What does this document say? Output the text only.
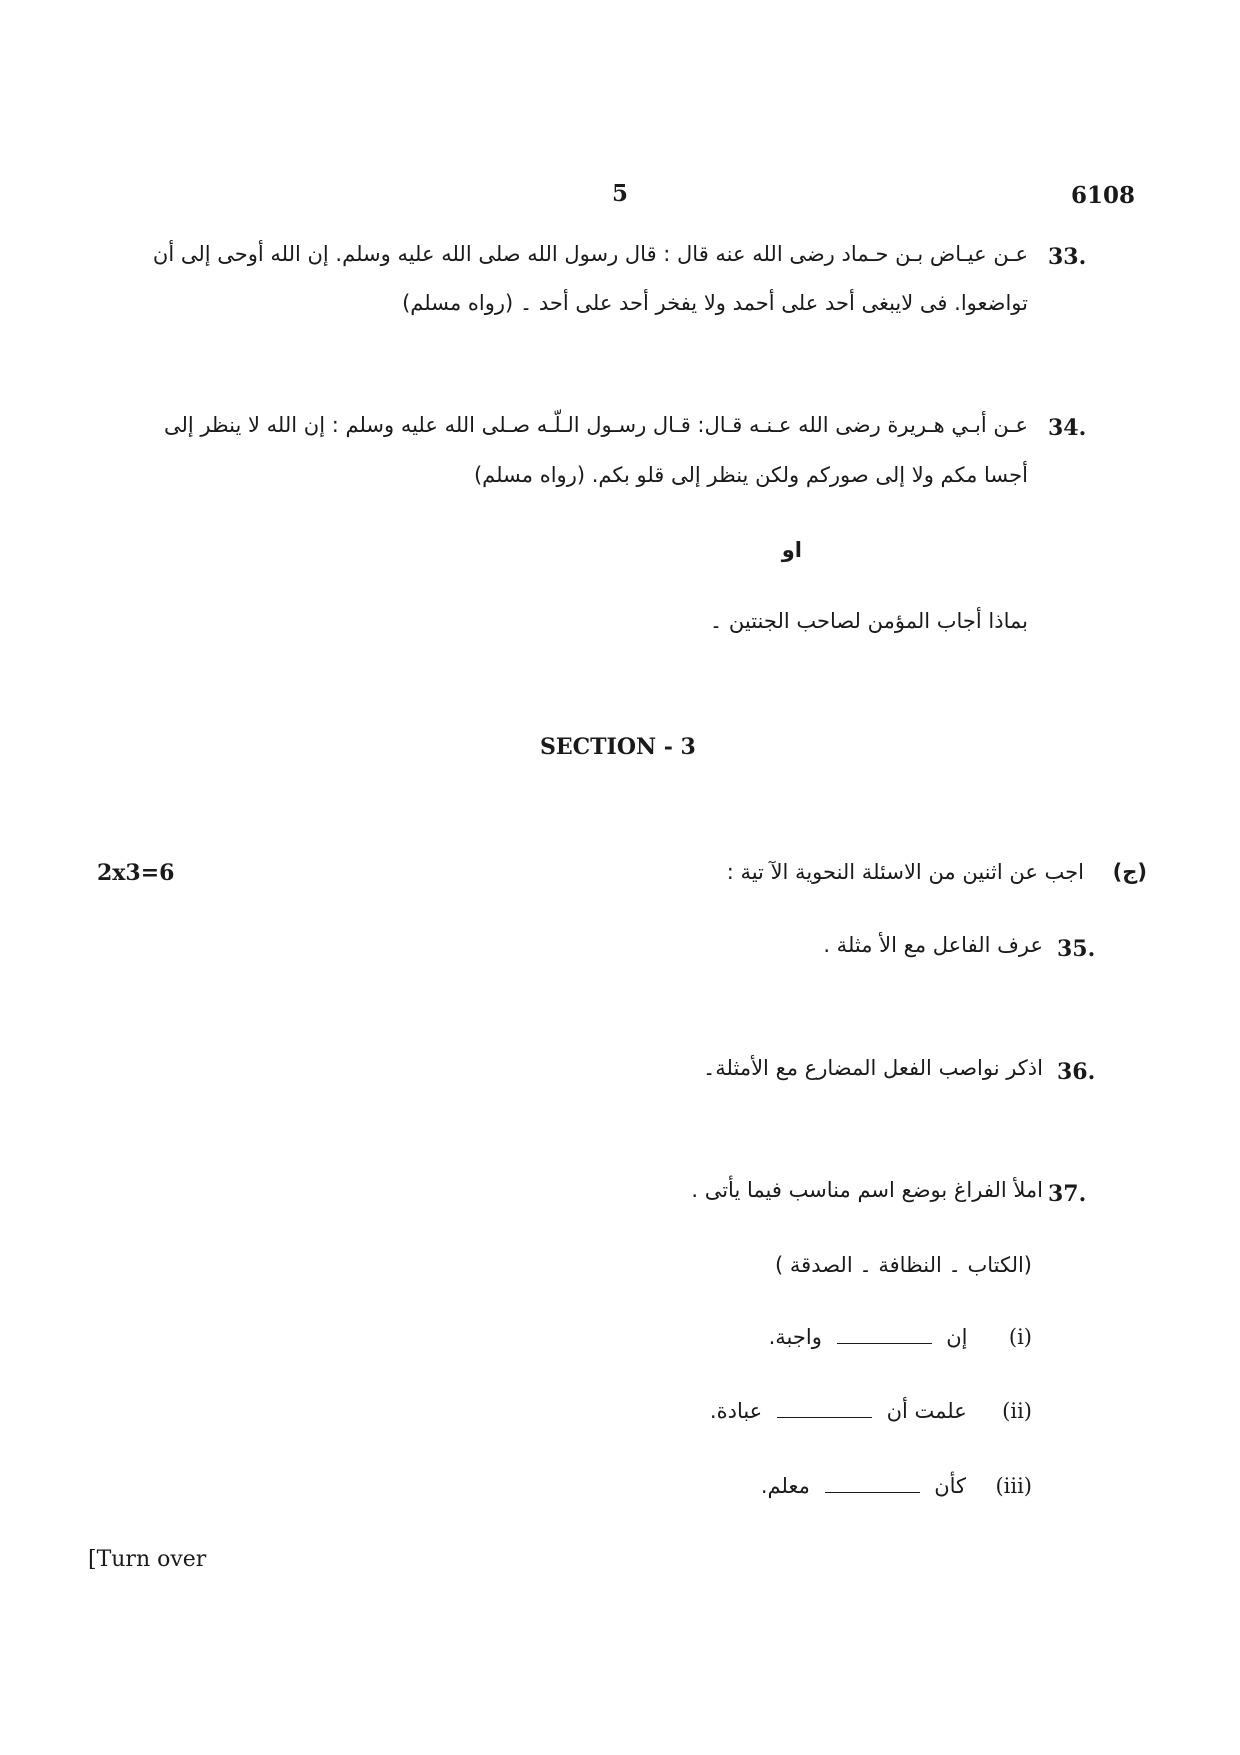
5	6108
33.
عـن عيـاض بـن حـماد رضى الله عنه قال : قال رسول الله صلى الله عليه وسلم. إن الله أوحى إلى أن
تواضعوا. فى لايبغى أحد على أحمد ولا يفخر أحد على أحد ۔ (رواه مسلم)
34.
عـن أبـي هـريرة رضى الله عـنـه قـال: قـال رسـول الـلّـه صـلى الله عليه وسلم : إن الله لا ينظر إلى
أجسا مكم ولا إلى صوركم ولكن ينظر إلى قلو بكم. (رواه مسلم)
او
بماذا أجاب المؤمن لصاحب الجنتين ۔
SECTION - 3
2x3=6	(ج)
اجب عن اثنين من الاسئلة النحوية الآ تية :
35.
عرف الفاعل مع الأ مثلة .
36.
اذكر نواصب الفعل المضارع مع الأمثلة۔
37.
املأ الفراغ بوضع اسم مناسب فيما يأتى .
(الكتاب ۔ النظافة ۔ الصدقة )
(i)  إن  واجبة.
(ii)  علمت أن  عبادة.
(iii)  كأن  معلم.
[Turn over
